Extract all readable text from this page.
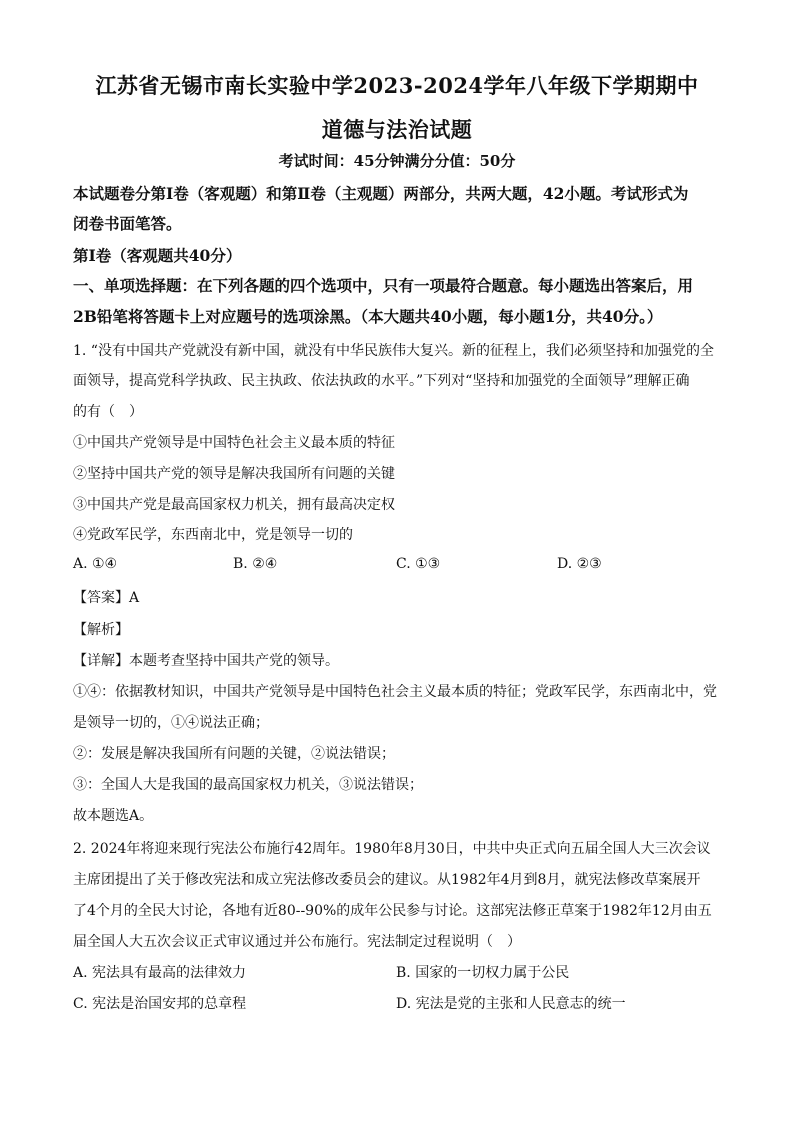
江苏省无锡市南长实验中学2023-2024学年八年级下学期期中
道德与法治试题
考试时间：45分钟满分分值：50分
本试题卷分第Ⅰ卷（客观题）和第Ⅱ卷（主观题）两部分，共两大题，42小题。考试形式为
闭卷书面笔答。
第Ⅰ卷（客观题共40分）
一、单项选择题：在下列各题的四个选项中，只有一项最符合题意。每小题选出答案后，用
2B铅笔将答题卡上对应题号的选项涂黑。（本大题共40小题，每小题1分，共40分。）
1. “没有中国共产党就没有新中国，就没有中华民族伟大复兴。新的征程上，我们必须坚持和加强党的全
面领导，提高党科学执政、民主执政、依法执政的水平。”下列对“坚持和加强党的全面领导”理解正确
的有（　）
①中国共产党领导是中国特色社会主义最本质的特征
②坚持中国共产党的领导是解决我国所有问题的关键
③中国共产党是最高国家权力机关，拥有最高决定权
④党政军民学，东西南北中，党是领导一切的
A. ①④	B. ②④	C. ①③	D. ②③
【答案】A
【解析】
【详解】本题考查坚持中国共产党的领导。
①④：依据教材知识，中国共产党领导是中国特色社会主义最本质的特征；党政军民学，东西南北中，党
是领导一切的，①④说法正确；
②：发展是解决我国所有问题的关键，②说法错误；
③：全国人大是我国的最高国家权力机关，③说法错误；
故本题选A。
2. 2024年将迎来现行宪法公布施行42周年。1980年8月30日，中共中央正式向五届全国人大三次会议
主席团提出了关于修改宪法和成立宪法修改委员会的建议。从1982年4月到8月，就宪法修改草案展开
了4个月的全民大讨论，各地有近80--90%的成年公民参与讨论。这部宪法修正草案于1982年12月由五
届全国人大五次会议正式审议通过并公布施行。宪法制定过程说明（　）
A. 宪法具有最高的法律效力	B. 国家的一切权力属于公民
C. 宪法是治国安邦的总章程	D. 宪法是党的主张和人民意志的统一
